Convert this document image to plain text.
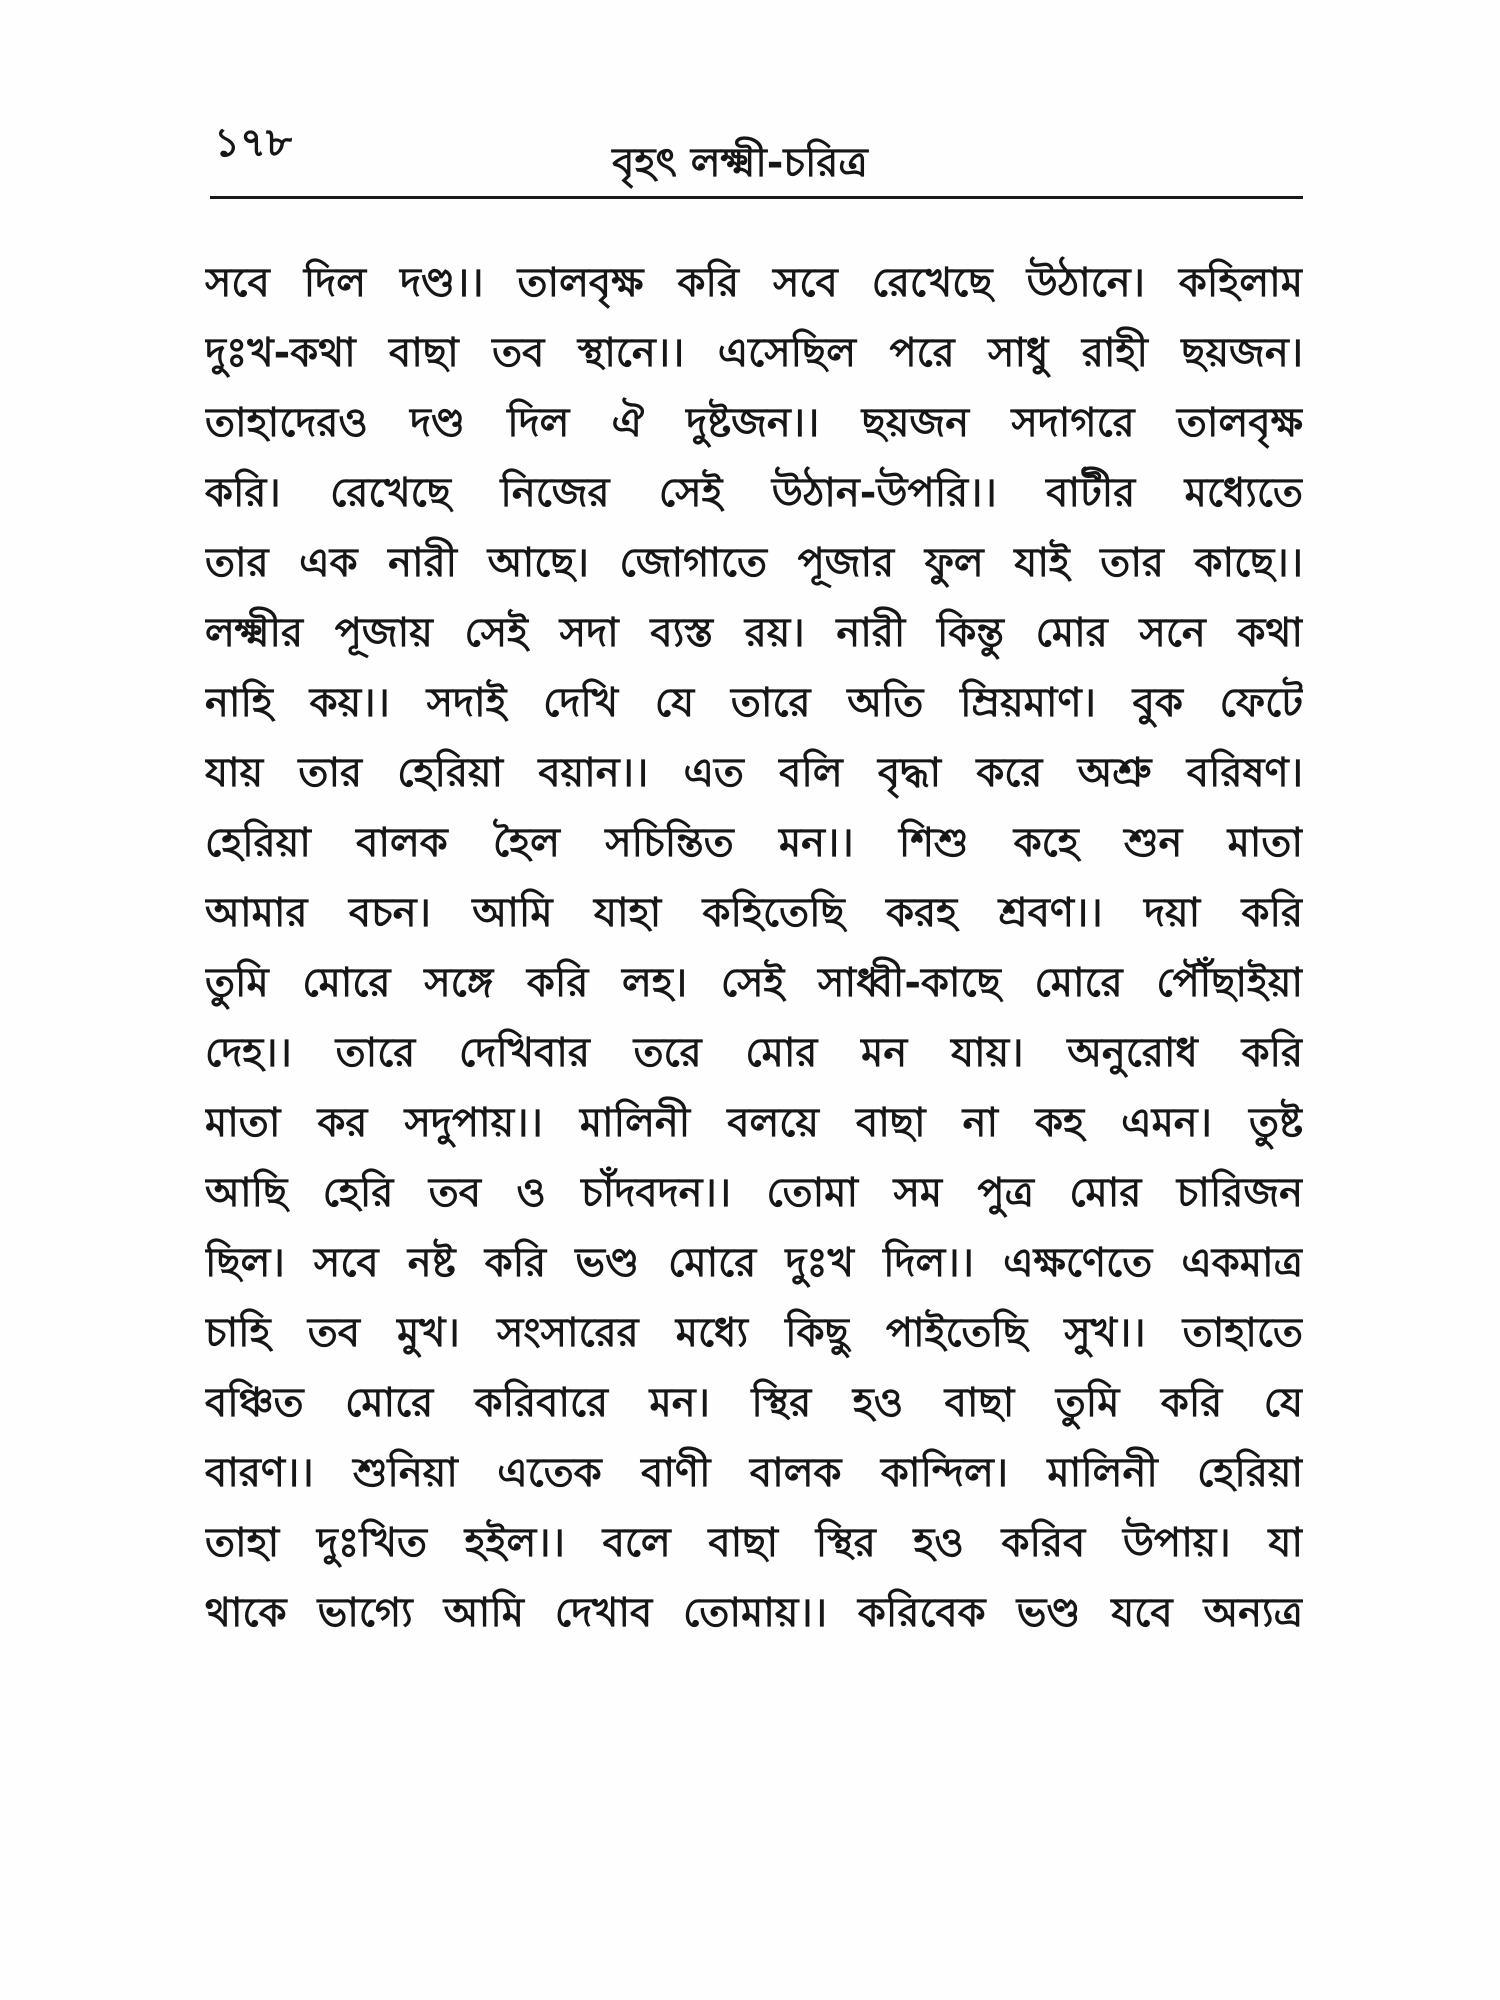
১৭৮	বৃহৎ লক্ষ্মী-চরিত্র
সবে দিল দণ্ড।। তালবৃক্ষ করি সবে রেখেছে উঠানে। কহিলাম
দুঃখ-কথা বাছা তব স্থানে।। এসেছিল পরে সাধু রাহী ছয়জন।
তাহাদেরও দণ্ড দিল ঐ দুষ্টজন।। ছয়জন সদাগরে তালবৃক্ষ
করি। রেখেছে নিজের সেই উঠান-উপরি।। বাটীর মধ্যেতে
তার এক নারী আছে। জোগাতে পূজার ফুল যাই তার কাছে।।
লক্ষ্মীর পূজায় সেই সদা ব্যস্ত রয়। নারী কিন্তু মোর সনে কথা
নাহি কয়।। সদাই দেখি যে তারে অতি ম্রিয়মাণ। বুক ফেটে
যায় তার হেরিয়া বয়ান।। এত বলি বৃদ্ধা করে অশ্রু বরিষণ।
হেরিয়া বালক হৈল সচিন্তিত মন।। শিশু কহে শুন মাতা
আমার বচন। আমি যাহা কহিতেছি করহ শ্রবণ।। দয়া করি
তুমি মোরে সঙ্গে করি লহ। সেই সাধ্বী-কাছে মোরে পৌঁছাইয়া
দেহ।। তারে দেখিবার তরে মোর মন যায়। অনুরোধ করি
মাতা কর সদুপায়।। মালিনী বলয়ে বাছা না কহ এমন। তুষ্ট
আছি হেরি তব ও চাঁদবদন।। তোমা সম পুত্র মোর চারিজন
ছিল। সবে নষ্ট করি ভণ্ড মোরে দুঃখ দিল।। এক্ষণেতে একমাত্র
চাহি তব মুখ। সংসারের মধ্যে কিছু পাইতেছি সুখ।। তাহাতে
বঞ্চিত মোরে করিবারে মন। স্থির হও বাছা তুমি করি যে
বারণ।। শুনিয়া এতেক বাণী বালক কান্দিল। মালিনী হেরিয়া
তাহা দুঃখিত হইল।। বলে বাছা স্থির হও করিব উপায়। যা
থাকে ভাগ্যে আমি দেখাব তোমায়।। করিবেক ভণ্ড যবে অন্যত্র
